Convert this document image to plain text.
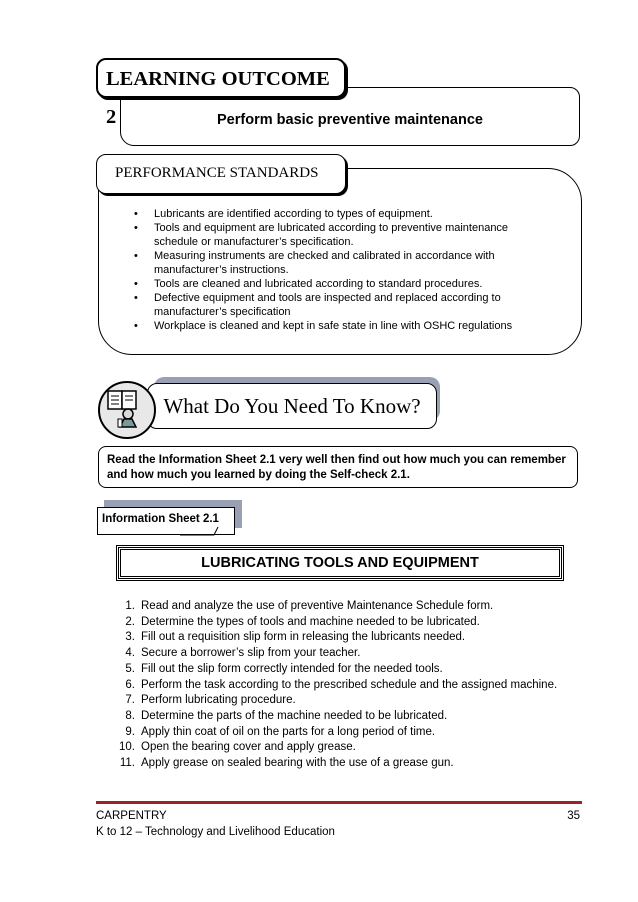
LEARNING OUTCOME 2	Perform basic preventive maintenance
PERFORMANCE STANDARDS
• Lubricants are identified according to types of equipment.
• Tools and equipment are lubricated according to preventive maintenance schedule or manufacturer’s specification.
• Measuring instruments are checked and calibrated in accordance with manufacturer’s instructions.
• Tools are cleaned and lubricated according to standard procedures.
• Defective equipment and tools are inspected and replaced according to manufacturer’s specification
• Workplace is cleaned and kept in safe state in line with OSHC regulations
What Do You Need To Know?
Read the Information Sheet 2.1 very well then find out how much you can remember and how much you learned by doing the Self-check 2.1.
Information Sheet 2.1
LUBRICATING TOOLS AND EQUIPMENT
1. Read and analyze the use of preventive Maintenance Schedule form.
2. Determine the types of tools and machine needed to be lubricated.
3. Fill out a requisition slip form in releasing the lubricants needed.
4. Secure a borrower’s slip from your teacher.
5. Fill out the slip form correctly intended for the needed tools.
6. Perform the task according to the prescribed schedule and the assigned machine.
7. Perform lubricating procedure.
8. Determine the parts of the machine needed to be lubricated.
9. Apply thin coat of oil on the parts for a long period of time.
10. Open the bearing cover and apply grease.
11. Apply grease on sealed bearing with the use of a grease gun.
CARPENTRY
K to 12 – Technology and Livelihood Education
35
